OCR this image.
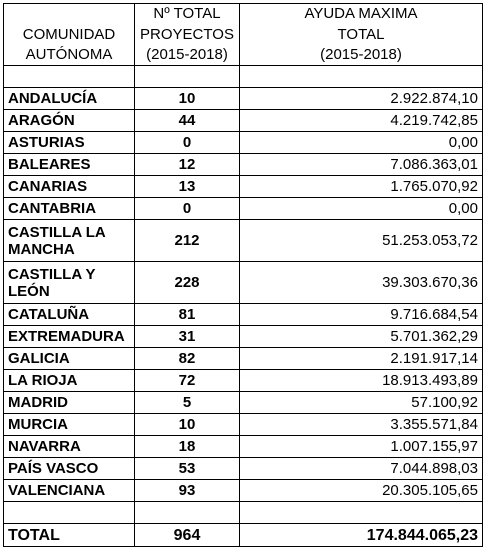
	Nº TOTAL	AYUDA MAXIMA
COMUNIDAD	PROYECTOS	TOTAL
AUTÓNOMA	(2015-2018)	(2015-2018)

ANDALUCÍA	10	2.922.874,10
ARAGÓN	44	4.219.742,85
ASTURIAS	0	0,00
BALEARES	12	7.086.363,01
CANARIAS	13	1.765.070,92
CANTABRIA	0	0,00
CASTILLA LA
MANCHA	212	51.253.053,72
CASTILLA Y
LEÓN	228	39.303.670,36
CATALUÑA	81	9.716.684,54
EXTREMADURA	31	5.701.362,29
GALICIA	82	2.191.917,14
LA RIOJA	72	18.913.493,89
MADRID	5	57.100,92
MURCIA	10	3.355.571,84
NAVARRA	18	1.007.155,97
PAÍS VASCO	53	7.044.898,03
VALENCIANA	93	20.305.105,65

TOTAL	964	174.844.065,23
